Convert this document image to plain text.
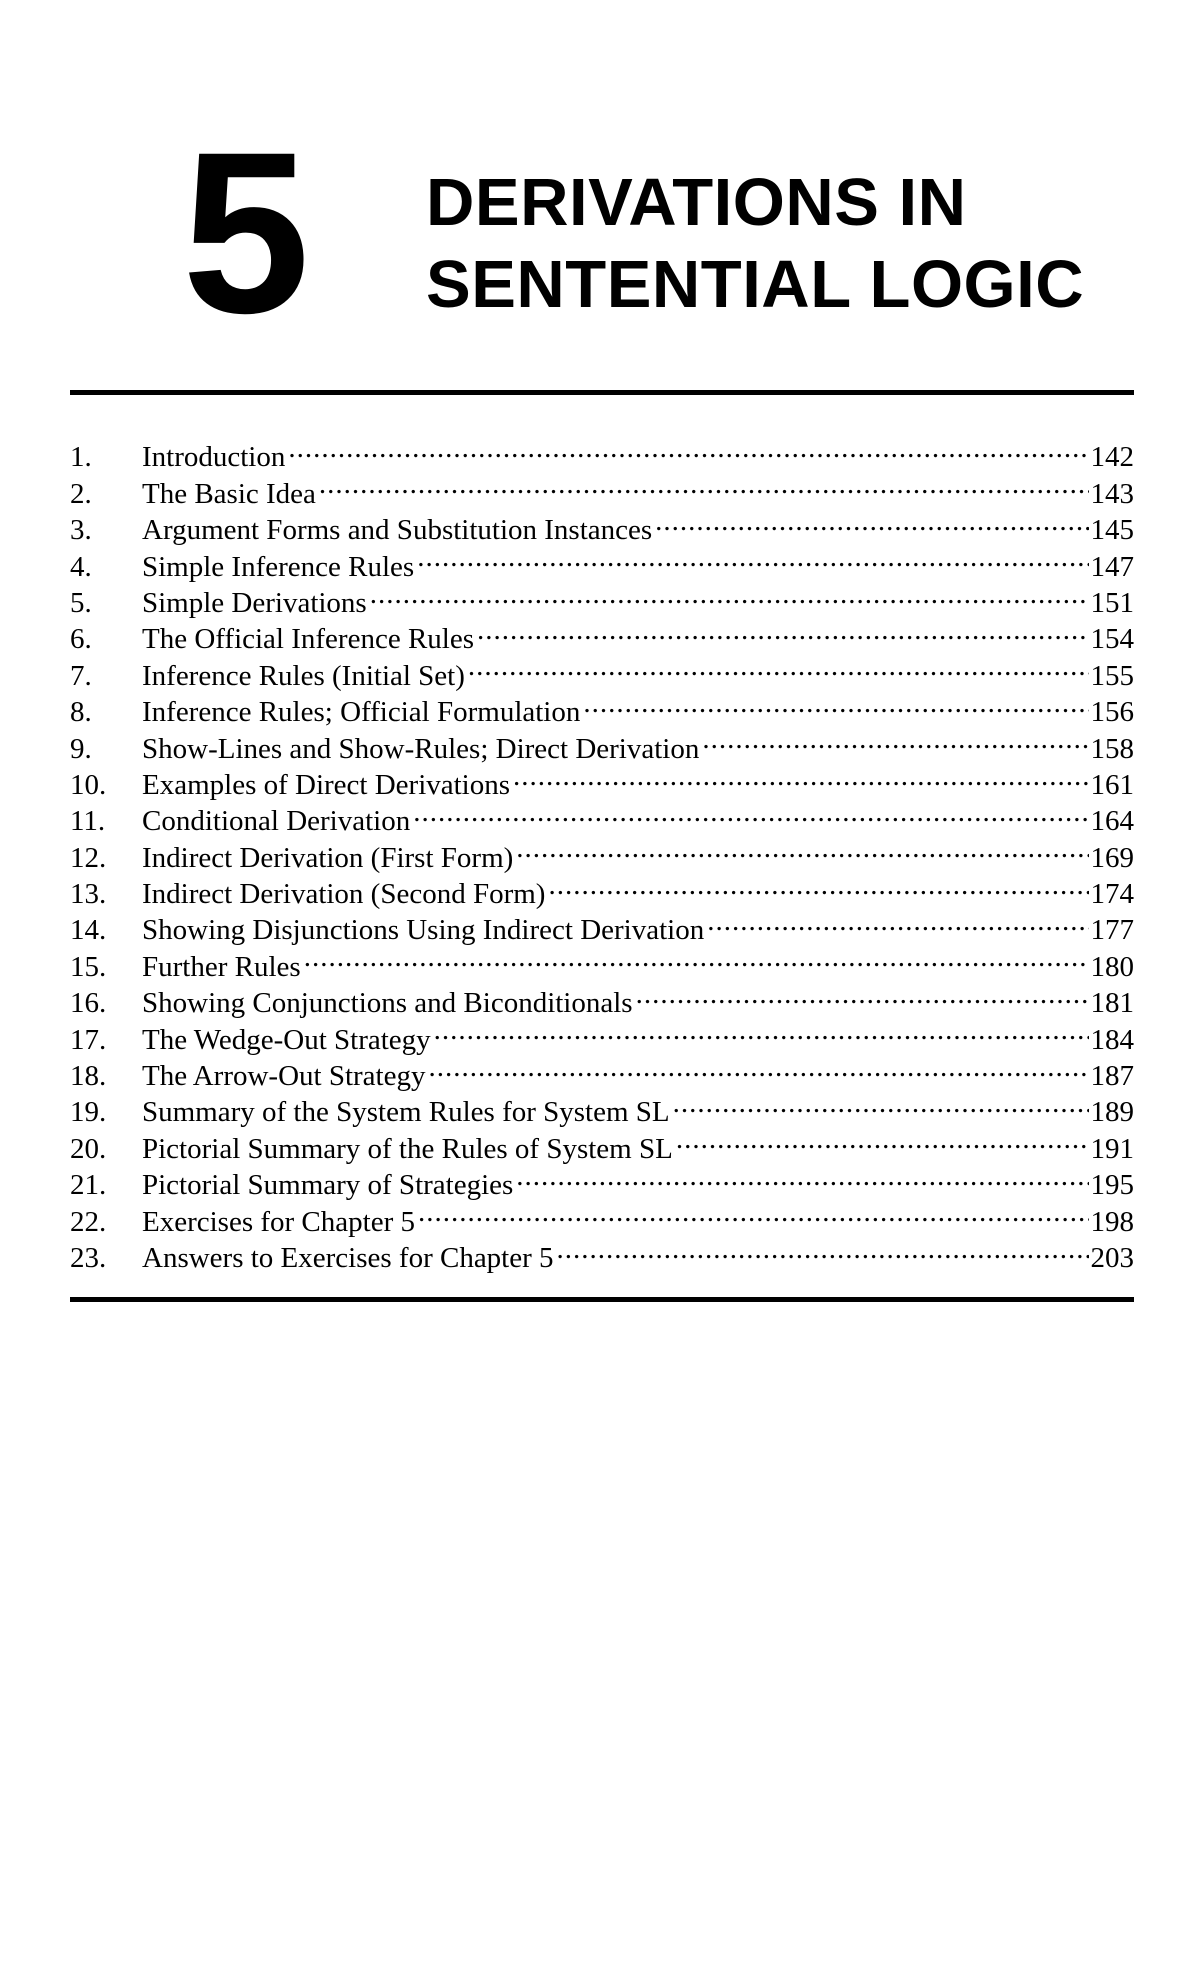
5 DERIVATIONS IN
SENTENTIAL LOGIC
1.	Introduction .....	142
2.	The Basic Idea .....	143
3.	Argument Forms and Substitution Instances .....	145
4.	Simple Inference Rules .....	147
5.	Simple Derivations .....	151
6.	The Official Inference Rules .....	154
7.	Inference Rules (Initial Set) .....	155
8.	Inference Rules; Official Formulation .....	156
9.	Show-Lines and Show-Rules; Direct Derivation .....	158
10.	Examples of Direct Derivations .....	161
11.	Conditional Derivation .....	164
12.	Indirect Derivation (First Form) .....	169
13.	Indirect Derivation (Second Form) .....	174
14.	Showing Disjunctions Using Indirect Derivation .....	177
15.	Further Rules .....	180
16.	Showing Conjunctions and Biconditionals .....	181
17.	The Wedge-Out Strategy .....	184
18.	The Arrow-Out Strategy .....	187
19.	Summary of the System Rules for System SL .....	189
20.	Pictorial Summary of the Rules of System SL .....	191
21.	Pictorial Summary of Strategies .....	195
22.	Exercises for Chapter 5 .....	198
23.	Answers to Exercises for Chapter 5 .....	203
